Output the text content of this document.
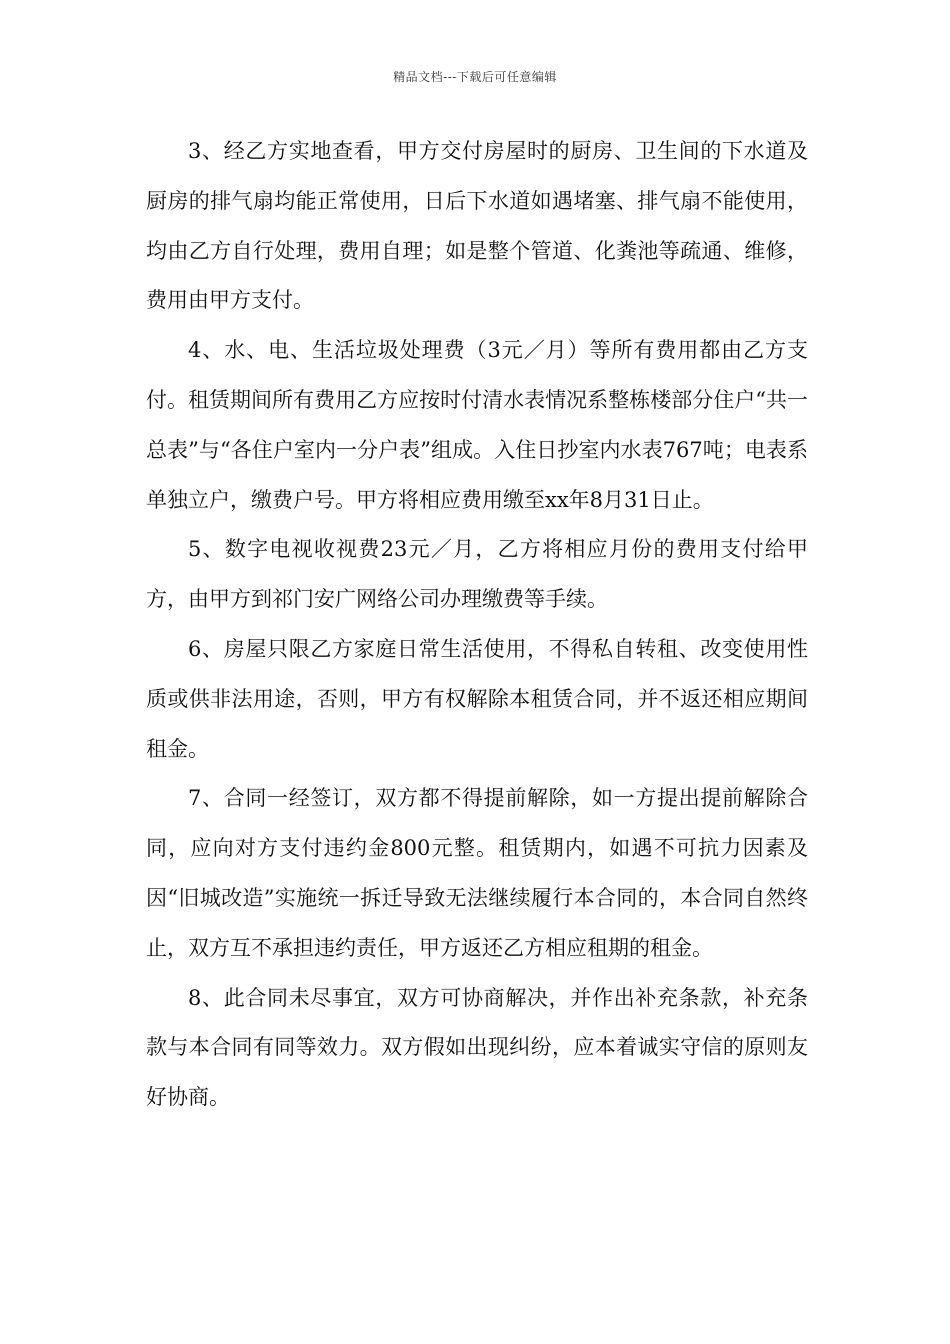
精品文档---下载后可任意编辑

3、经乙方实地查看，甲方交付房屋时的厨房、卫生间的下水道及厨房的排气扇均能正常使用，日后下水道如遇堵塞、排气扇不能使用，均由乙方自行处理，费用自理；如是整个管道、化粪池等疏通、维修，费用由甲方支付。

4、水、电、生活垃圾处理费（3元／月）等所有费用都由乙方支付。租赁期间所有费用乙方应按时付清水表情况系整栋楼部分住户“共一总表”与“各住户室内一分户表”组成。入住日抄室内水表767吨；电表系单独立户，缴费户号。甲方将相应费用缴至xx年8月31日止。

5、数字电视收视费23元／月，乙方将相应月份的费用支付给甲方，由甲方到祁门安广网络公司办理缴费等手续。

6、房屋只限乙方家庭日常生活使用，不得私自转租、改变使用性质或供非法用途，否则，甲方有权解除本租赁合同，并不返还相应期间租金。

7、合同一经签订，双方都不得提前解除，如一方提出提前解除合同，应向对方支付违约金800元整。租赁期内，如遇不可抗力因素及因“旧城改造”实施统一拆迁导致无法继续履行本合同的，本合同自然终止，双方互不承担违约责任，甲方返还乙方相应租期的租金。

8、此合同未尽事宜，双方可协商解决，并作出补充条款，补充条款与本合同有同等效力。双方假如出现纠纷，应本着诚实守信的原则友好协商。
